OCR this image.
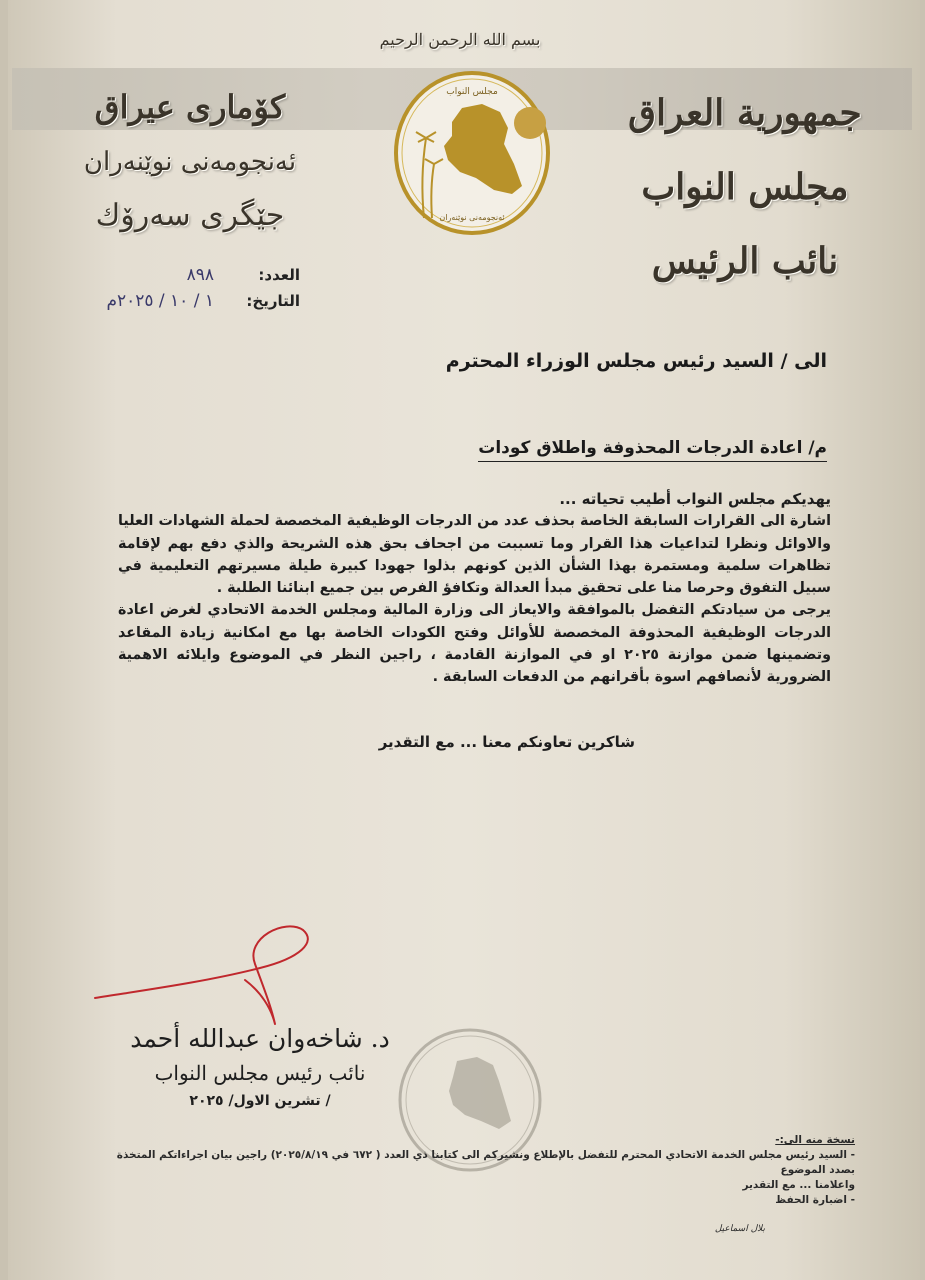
بسم الله الرحمن الرحيم
جمهورية العراق
مجلس النواب
نائب الرئيس
کۆماری عیراق
ئەنجومەنی نوێنەران
جێگری سەرۆك
مجلس النواب
ئەنجومەنی نوێنەران
العدد:
٨٩٨
التاريخ:
١ / ١٠ / ٢٠٢٥م
الى / السيد رئيس مجلس الوزراء المحترم
م/ اعادة الدرجات المحذوفة واطلاق كودات

يهديكم مجلس النواب أطيب تحياته ...

اشارة الى القرارات السابقة الخاصة بحذف عدد من الدرجات الوظيفية المخصصة لحملة الشهادات العليا والاوائل ونظرا لتداعيات هذا القرار وما تسببت من اجحاف بحق هذه الشريحة والذي دفع بهم لإقامة تظاهرات سلمية ومستمرة بهذا الشأن الذين كونهم بذلوا جهودا كبيرة طيلة مسيرتهم التعليمية في سبيل التفوق وحرصا منا على تحقيق مبدأ العدالة وتكافؤ الفرص بين جميع ابنائنا الطلبة .

يرجى من سيادتكم التفضل بالموافقة والايعاز الى وزارة المالية ومجلس الخدمة الاتحادي لغرض اعادة الدرجات الوظيفية المحذوفة المخصصة للأوائل وفتح الكودات الخاصة بها مع امكانية زيادة المقاعد وتضمينها ضمن موازنة ٢٠٢٥ او في الموازنة القادمة ، راجين النظر في الموضوع وايلائه الاهمية الضرورية لأنصافهم اسوة بأقرانهم من الدفعات السابقة .

شاكرين تعاونكم معنا ... مع التقدير
د. شاخەوان عبدالله أحمد
نائب رئيس مجلس النواب
/ تشرين الاول/ ٢٠٢٥
نسخة منه الى:-
- السيد رئيس مجلس الخدمة الاتحادي المحترم للتفضل بالإطلاع ونشيركم الى كتابنا ذي العدد ( ٦٧٢ في ٢٠٢٥/٨/١٩) راجين بيان اجراءاتكم المتخذة بصدد الموضوع
واعلامنا ... مع التقدير
- اضبارة الحفظ
بلال اسماعيل
